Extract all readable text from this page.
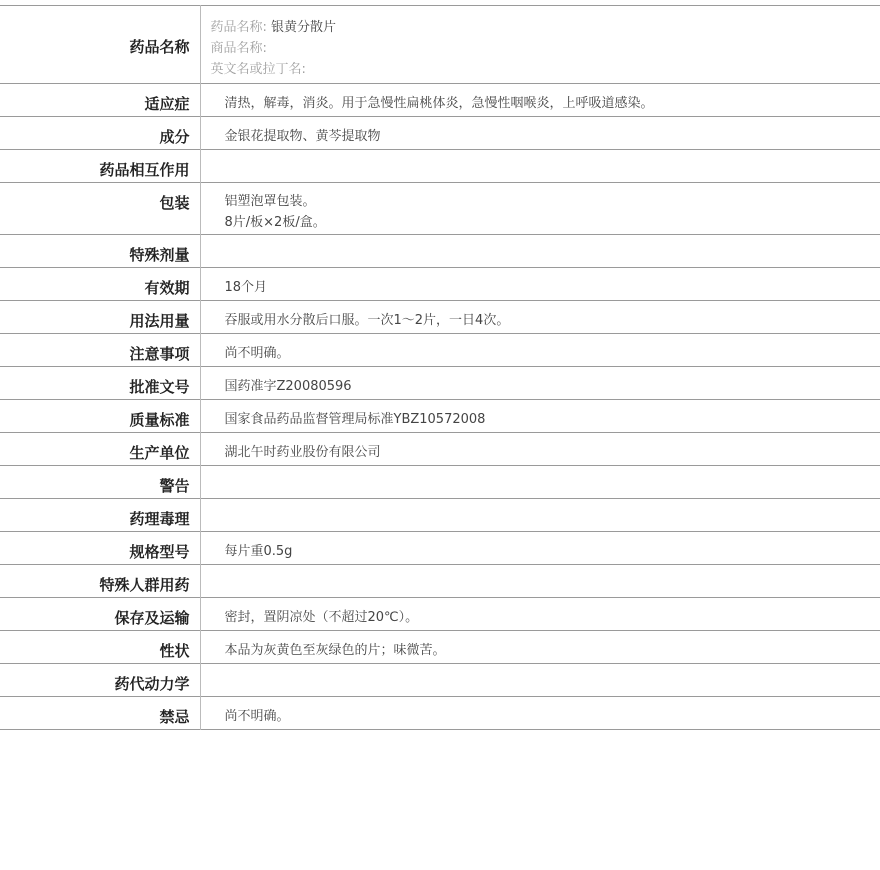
药品名称	药品名称: 银黄分散片
商品名称:
英文名或拉丁名:

适应症	清热，解毒，消炎。用于急慢性扁桃体炎，急慢性咽喉炎，上呼吸道感染。
成分	金银花提取物、黄芩提取物
药品相互作用	
包装	铝塑泡罩包装。
8片/板×2板/盒。

特殊剂量	
有效期	18个月
用法用量	吞服或用水分散后口服。一次1～2片，一日4次。
注意事项	尚不明确。
批准文号	国药准字Z20080596
质量标准	国家食品药品监督管理局标准YBZ10572008
生产单位	湖北午时药业股份有限公司
警告	
药理毒理	
规格型号	每片重0.5g
特殊人群用药	
保存及运输	密封，置阴凉处（不超过20℃）。
性状	本品为灰黄色至灰绿色的片；味微苦。
药代动力学	
禁忌	尚不明确。
